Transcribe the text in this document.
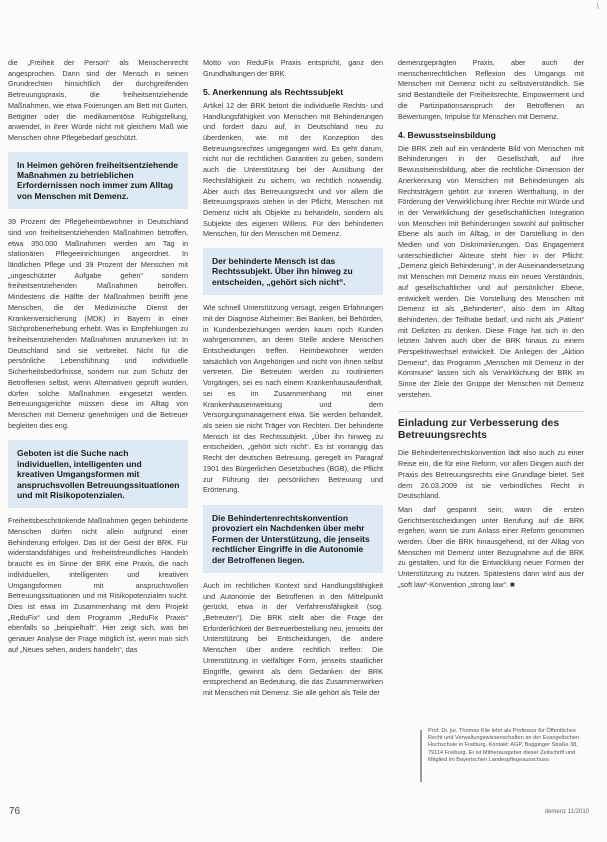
\

die „Freiheit der Person“ als Menschenrecht angesprochen. Dann sind der Mensch in seinen Grundrechten hinsichtlich der durchgreifenden Betreuungspraxis, die freiheitsentziehende Maßnahmen, wie etwa Fixierungen am Bett mit Gurten, Bettgitter oder die medikamentöse Ruhigstellung, anwendet, in ihrer Würde nicht mit gleichem Maß wie Menschen ohne Pflegebedarf geschützt.

In Heimen gehören freiheitsentziehende Maßnahmen zu betrieblichen Erfordernissen noch immer zum Alltag von Menschen mit Demenz.

39 Prozent der Pflegeheimbewohner in Deutschland sind von freiheitsentziehenden Maßnahmen betroffen, etwa 350.000 Maßnahmen werden am Tag in stationären Pflegeeinrichtungen angeordnet. In ländlichen Pflege und 39 Prozent der Menschen mit „ungeschützter Aufgabe gehen“ sondern freiheitsentziehenden Maßnahmen betroffen. Mindestens die Hälfte der Maßnahmen betrifft jene Menschen, die der Medizinische Dienst der Krankenversicherung (MDK) in Bayern in einer Stichprobenerhebung erhebt. Was in Empfehlungen zu freiheitsentziehenden Maßnahmen anzumerken ist: In Deutschland sind sie verbreitet. Nicht für die persönliche Lebensführung und individuelle Sicherheitsbedürfnisse, sondern nur zum Schutz der Betroffenen selbst, wenn Alternativen geprüft wurden, dürfen solche Maßnahmen eingesetzt werden. Betreuungsgerichte müssen diese im Alltag von Menschen mit Demenz genehmigen und die Betreuer begleiten dies eng.

Geboten ist die Suche nach individuellen, intelligenten und kreativen Umgangsformen mit anspruchsvollen Betreuungssituationen und mit Risikopotenzialen.

Freiheitsbeschränkende Maßnahmen gegen behinderte Menschen dürfen nicht allein aufgrund einer Behinderung erfolgen. Das ist der Geist der BRK. Für widerstandsfähiges und freiheitsfreundliches Handeln braucht es im Sinne der BRK eine Praxis, die nach individuellen, intelligenten und kreativen Umgangsformen mit anspruchsvollen Betreuungssituationen und mit Risikopotenzialen sucht. Dies ist etwa im Zusammenhang mit dem Projekt „ReduFix“ und dem Programm „ReduFix Praxis“ ebenfalls so „beispielhaft“. Hier zeigt sich, was bei genauer Analyse der Frage möglich ist, wenn man sich auf „Neues sehen, anders handeln“, das

Motto von ReduFix Praxis entspricht, ganz den Grundhaltungen der BRK.

5. Anerkennung als Rechtssubjekt

Artikel 12 der BRK betont die individuelle Rechts- und Handlungsfähigkeit von Menschen mit Behinderungen und fordert dazu auf, in Deutschland neu zu überdenken, wie mit der Konzeption des Betreuungsrechtes umgegangen wird. Es geht darum, nicht nur die rechtlichen Garantien zu geben, sondern auch die Unterstützung bei der Ausübung der Rechtsfähigkeit zu sichern, wo rechtlich notwendig. Aber auch das Betreuungsrecht und vor allem die Betreuungspraxis stehen in der Pflicht, Menschen mit Demenz nicht als Objekte zu behandeln, sondern als Subjekte des eigenen Willens. Für den behinderten Menschen, für den Menschen mit Demenz.

Der behinderte Mensch ist das Rechtssubjekt. Über ihn hinweg zu entscheiden, „gehört sich nicht“.

Wie schnell Unterstützung versagt, zeigen Erfahrungen mit der Diagnose Alzheimer: Bei Banken, bei Behörden, in Kundenbeziehungen werden kaum noch Kunden wahrgenommen, an deren Stelle andere Menschen Entscheidungen treffen. Heimbewohner werden tatsächlich von Angehörigen und nicht von ihnen selbst vertreten. Die Betreuten werden zu routinierten Vorgängen, sei es nach einem Krankenhausaufenthalt, sei es im Zusammenhang mit einer Krankenhauseinweisung und dem Versorgungsmanagement etwa. Sie werden behandelt, als seien sie nicht Träger von Rechten. Der behinderte Mensch ist das Rechtssubjekt. „Über ihn hinweg zu entscheiden, „gehört sich nicht“. Es ist vorrangig das Recht der deutschen Betreuung, geregelt im Paragraf 1901 des Bürgerlichen Gesetzbuches (BGB), die Pflicht zur Führung der persönlichen Betreuung und Erörterung.

Die Behindertenrechtskonvention provoziert ein Nachdenken über mehr Formen der Unterstützung, die jenseits rechtlicher Eingriffe in die Autonomie der Betroffenen liegen.

Auch im rechtlichen Kontext sind Handlungsfähigkeit und Autonomie der Betroffenen in den Mittelpunkt gerückt, etwa in der Verfahrensfähigkeit (sog. „Betreuten“). Die BRK stellt aber die Frage der Erforderlichkeit der Betreuerbestellung neu, jenseits der Unterstützung bei Entscheidungen, die andere Menschen über andere rechtlich treffen: Die Unterstützung in vielfältiger Form, jenseits staatlicher Eingriffe, gewinnt als dem Gedanken der BRK entsprechend an Bedeutung, die das Zusammenwirken mit Menschen mit Demenz. Sie alle gehört als Teile der

demenzgeprägten Praxis, aber auch der menschenrechtlichen Reflexion des Umgangs mit Menschen mit Demenz nicht zu selbstverständlich. Sie sind Bestandteile der Freiheitsrechte, Empowerment und die Partizipationsanspruch der Betroffenen an Bewertungen, Impulse für Menschen mit Demenz.

4. Bewusstseinsbildung

Die BRK zielt auf ein veränderte Bild von Menschen mit Behinderungen in der Gesellschaft, auf ihre Bewusstseinsbildung, aber die rechtliche Dimension der Anerkennung von Menschen mit Behinderungen als Rechtsträgern gehört zur inneren Werthaltung, in der Förderung der Verwirklichung ihrer Rechte mit Würde und in der Verwirklichung der gesellschaftlichen Integration von Menschen mit Behinderungen sowohl auf politischer Ebene als auch im Alltag, in der Darstellung in den Medien und von Diskriminierungen. Das Engagement unterschiedlicher Akteure steht hier in der Pflicht: „Demenz gleich Behinderung“, in der Auseinandersetzung mit Menschen mit Demenz muss ein neues Verständnis, auf gesellschaftlicher und auf persönlicher Ebene, entwickelt werden. Die Vorstellung des Menschen mit Demenz ist als „Behinderter“, also dem im Alltag Behinderten, der Teilhabe bedarf, und nicht als „Patient“ mit Defiziten zu denken. Diese Frage hat sich in den letzten Jahren auch über die BRK hinaus zu einem Perspektivwechsel entwickelt. Die Anliegen der „Aktion Demenz“, das Programm „Menschen mit Demenz in der Kommune“ lassen sich als Verwirklichung der BRK im Sinne der Ziele der Gruppe der Menschen mit Demenz verstehen.

Einladung zur Verbesserung des Betreuungsrechts

Die Behindertenrechtskonvention lädt also auch zu einer Reise ein, die für eine Reform, vor allen Dingen auch der Praxis des Betreuungsrechts eine Grundlage bietet. Seit dem 26.03.2009 ist sie verbindliches Recht in Deutschland.

Man darf gespannt sein, wann die ersten Gerichtsentscheidungen unter Berufung auf die BRK ergehen, wann sie zum Anlass einer Reform genommen werden. Über die BRK hinausgehend, ist der Alltag von Menschen mit Demenz unter Bezugnahme auf die BRK zu gestalten, und für die Entwicklung neuer Formen der Unterstützung zu nutzen. Spätestens dann wird aus der „soft law“-Konvention „strong law“. ■

Prof. Dr. jur. Thomas Klie lehrt als Professor für Öffentliches Recht und Verwaltungswissenschaften an der Evangelischen Hochschule in Freiburg. Kontakt: AGP, Bugginger Straße 38, 79114 Freiburg. Er ist Mitherausgeber dieser Zeitschrift und Mitglied im Bayerischen Landespflegeausschuss.
76	demenz 11/2010
